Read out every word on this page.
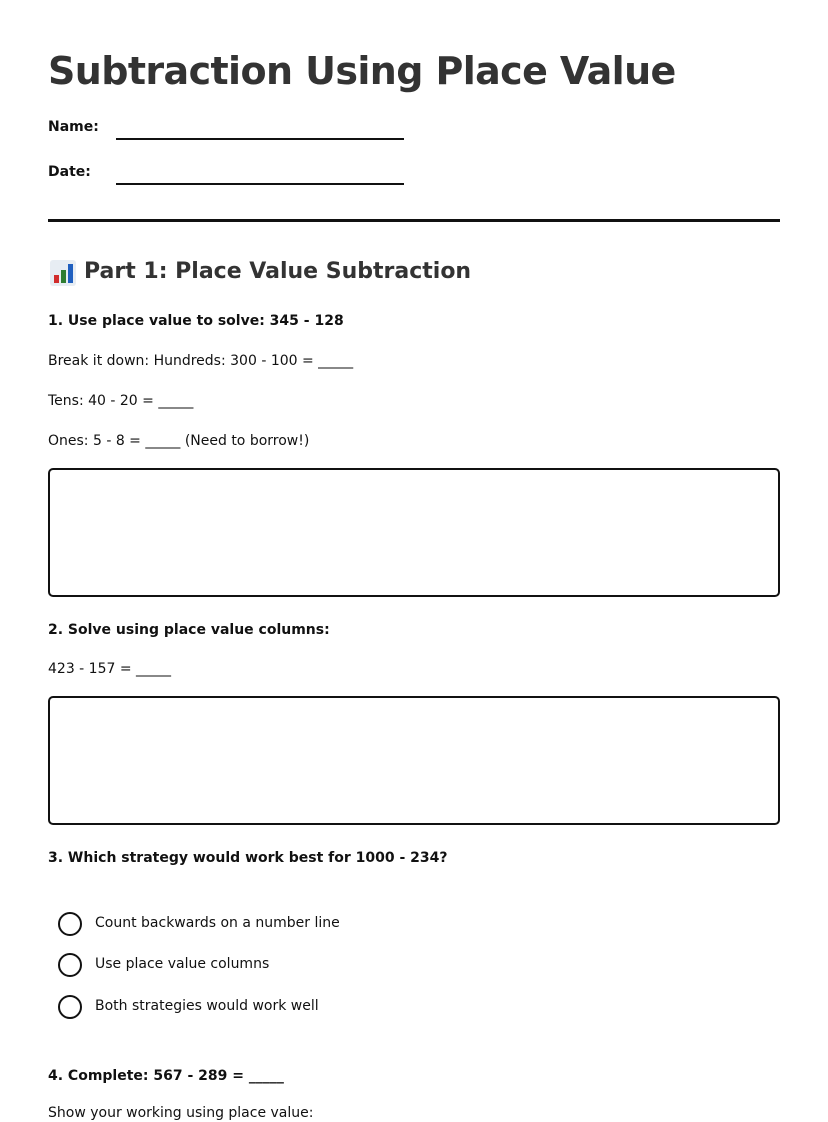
Subtraction Using Place Value
Name:
Date:
Part 1: Place Value Subtraction

1. Use place value to solve: 345 - 128

Break it down: Hundreds: 300 - 100 = _____

Tens: 40 - 20 = _____

Ones: 5 - 8 = _____ (Need to borrow!)

2. Solve using place value columns:

423 - 157 = _____

3. Which strategy would work best for 1000 - 234?

Count backwards on a number line
Use place value columns
Both strategies would work well

4. Complete: 567 - 289 = _____

Show your working using place value:
